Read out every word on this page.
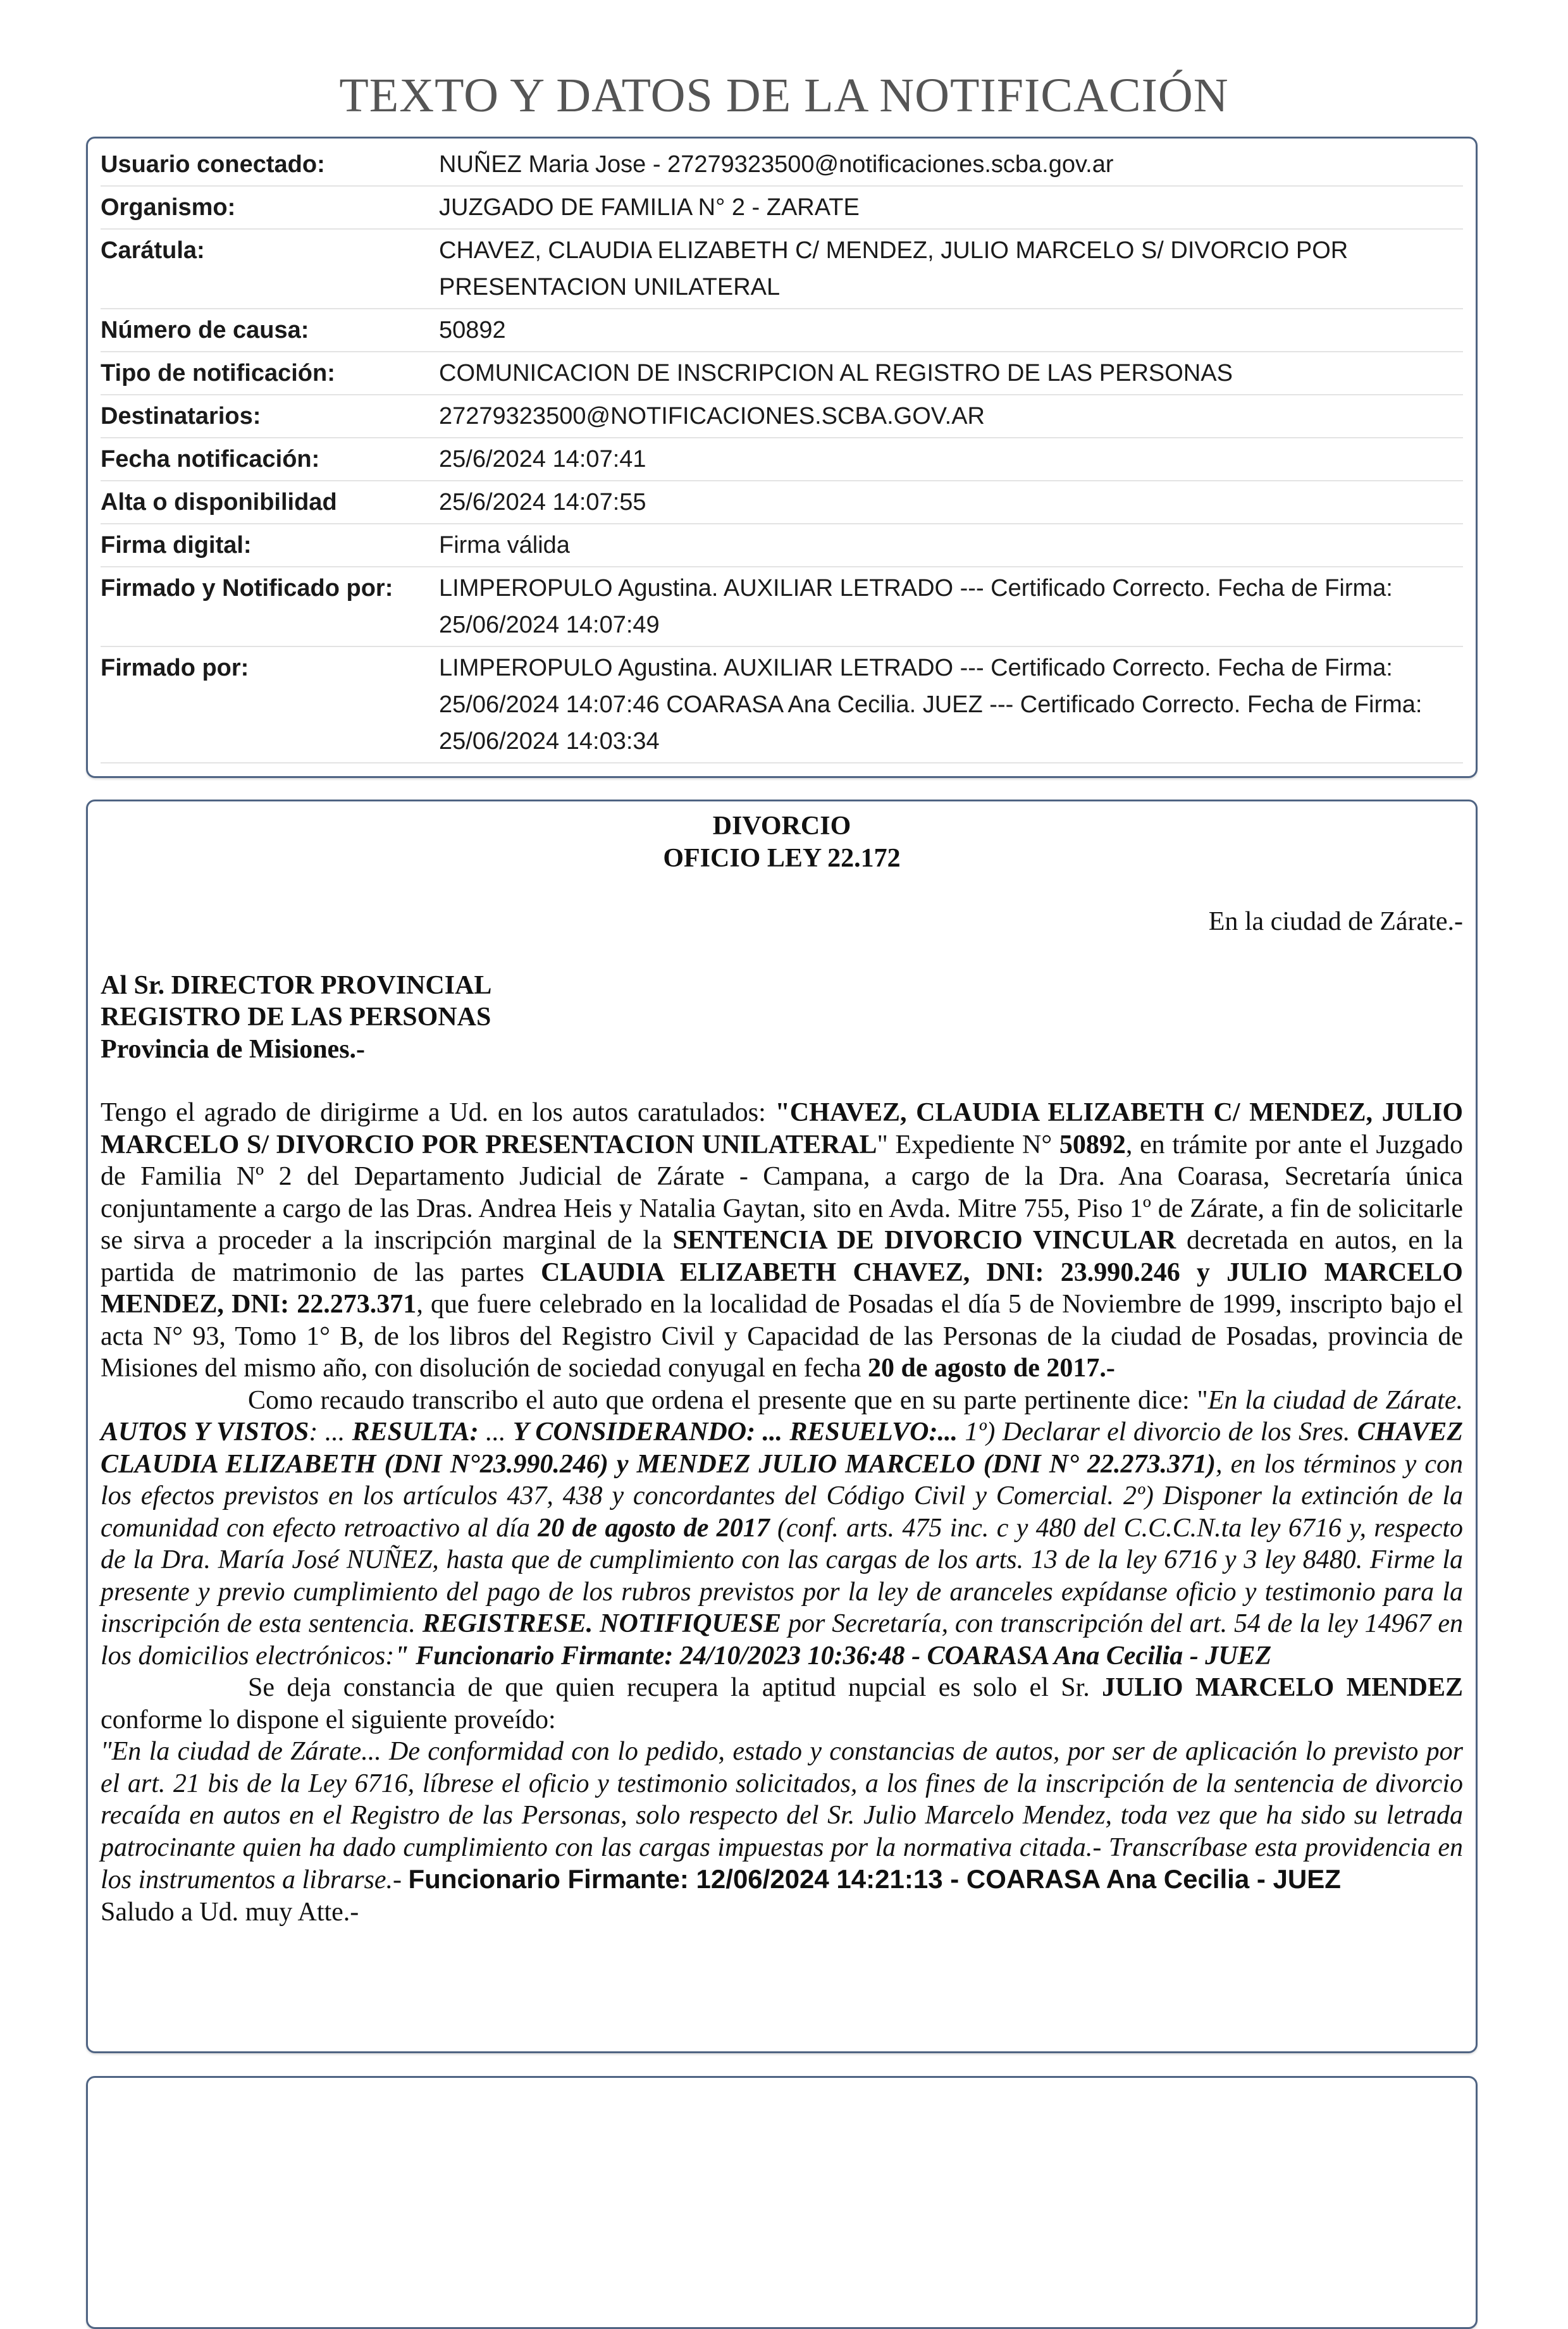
TEXTO Y DATOS DE LA NOTIFICACIÓN
Usuario conectado:	NUÑEZ Maria Jose - 27279323500@notificaciones.scba.gov.ar
Organismo:	JUZGADO DE FAMILIA N° 2 - ZARATE
Carátula:	CHAVEZ, CLAUDIA ELIZABETH C/ MENDEZ, JULIO MARCELO S/ DIVORCIO POR PRESENTACION UNILATERAL
Número de causa:	50892
Tipo de notificación:	COMUNICACION DE INSCRIPCION AL REGISTRO DE LAS PERSONAS
Destinatarios:	27279323500@NOTIFICACIONES.SCBA.GOV.AR
Fecha notificación:	25/6/2024 14:07:41
Alta o disponibilidad	25/6/2024 14:07:55
Firma digital:	Firma válida
Firmado y Notificado por:	LIMPEROPULO Agustina. AUXILIAR LETRADO --- Certificado Correcto. Fecha de Firma: 25/06/2024 14:07:49
Firmado por:	LIMPEROPULO Agustina. AUXILIAR LETRADO --- Certificado Correcto. Fecha de Firma: 25/06/2024 14:07:46 COARASA Ana Cecilia. JUEZ --- Certificado Correcto. Fecha de Firma: 25/06/2024 14:03:34

DIVORCIO

OFICIO LEY 22.172

En la ciudad de Zárate.-

Al Sr. DIRECTOR PROVINCIAL

REGISTRO DE LAS PERSONAS

Provincia de Misiones.-

Tengo el agrado de dirigirme a Ud. en los autos caratulados: "CHAVEZ, CLAUDIA ELIZABETH C/ MENDEZ, JULIO MARCELO S/ DIVORCIO POR PRESENTACION UNILATERAL" Expediente N° 50892, en trámite por ante el Juzgado de Familia Nº 2 del Departamento Judicial de Zárate - Campana, a cargo de la Dra. Ana Coarasa, Secretaría única conjuntamente a cargo de las Dras. Andrea Heis y Natalia Gaytan, sito en Avda. Mitre 755, Piso 1º de Zárate, a fin de solicitarle se sirva a proceder a la inscripción marginal de la SENTENCIA DE DIVORCIO VINCULAR decretada en autos, en la partida de matrimonio de las partes CLAUDIA ELIZABETH CHAVEZ, DNI: 23.990.246 y JULIO MARCELO MENDEZ, DNI: 22.273.371, que fuere celebrado en la localidad de Posadas el día 5 de Noviembre de 1999, inscripto bajo el acta N° 93, Tomo 1° B, de los libros del Registro Civil y Capacidad de las Personas de la ciudad de Posadas, provincia de Misiones del mismo año, con disolución de sociedad conyugal en fecha 20 de agosto de 2017.-

Como recaudo transcribo el auto que ordena el presente que en su parte pertinente dice: "En la ciudad de Zárate. AUTOS Y VISTOS: ... RESULTA: ... Y CONSIDERANDO: ... RESUELVO:... 1º) Declarar el divorcio de los Sres. CHAVEZ CLAUDIA ELIZABETH (DNI N°23.990.246) y MENDEZ JULIO MARCELO (DNI N° 22.273.371), en los términos y con los efectos previstos en los artículos 437, 438 y concordantes del Código Civil y Comercial. 2º) Disponer la extinción de la comunidad con efecto retroactivo al día 20 de agosto de 2017 (conf. arts. 475 inc. c y 480 del C.C.C.N.ta ley 6716 y, respecto de la Dra. María José NUÑEZ, hasta que de cumplimiento con las cargas de los arts. 13 de la ley 6716 y 3 ley 8480. Firme la presente y previo cumplimiento del pago de los rubros previstos por la ley de aranceles expídanse oficio y testimonio para la inscripción de esta sentencia. REGISTRESE. NOTIFIQUESE por Secretaría, con transcripción del art. 54 de la ley 14967 en los domicilios electrónicos:" Funcionario Firmante: 24/10/2023 10:36:48 - COARASA Ana Cecilia - JUEZ

Se deja constancia de que quien recupera la aptitud nupcial es solo el Sr. JULIO MARCELO MENDEZ conforme lo dispone el siguiente proveído:

"En la ciudad de Zárate... De conformidad con lo pedido, estado y constancias de autos, por ser de aplicación lo previsto por el art. 21 bis de la Ley 6716, líbrese el oficio y testimonio solicitados, a los fines de la inscripción de la sentencia de divorcio recaída en autos en el Registro de las Personas, solo respecto del Sr. Julio Marcelo Mendez, toda vez que ha sido su letrada patrocinante quien ha dado cumplimiento con las cargas impuestas por la normativa citada.- Transcríbase esta providencia en los instrumentos a librarse.- Funcionario Firmante: 12/06/2024 14:21:13 - COARASA Ana Cecilia - JUEZ

Saludo a Ud. muy Atte.-
